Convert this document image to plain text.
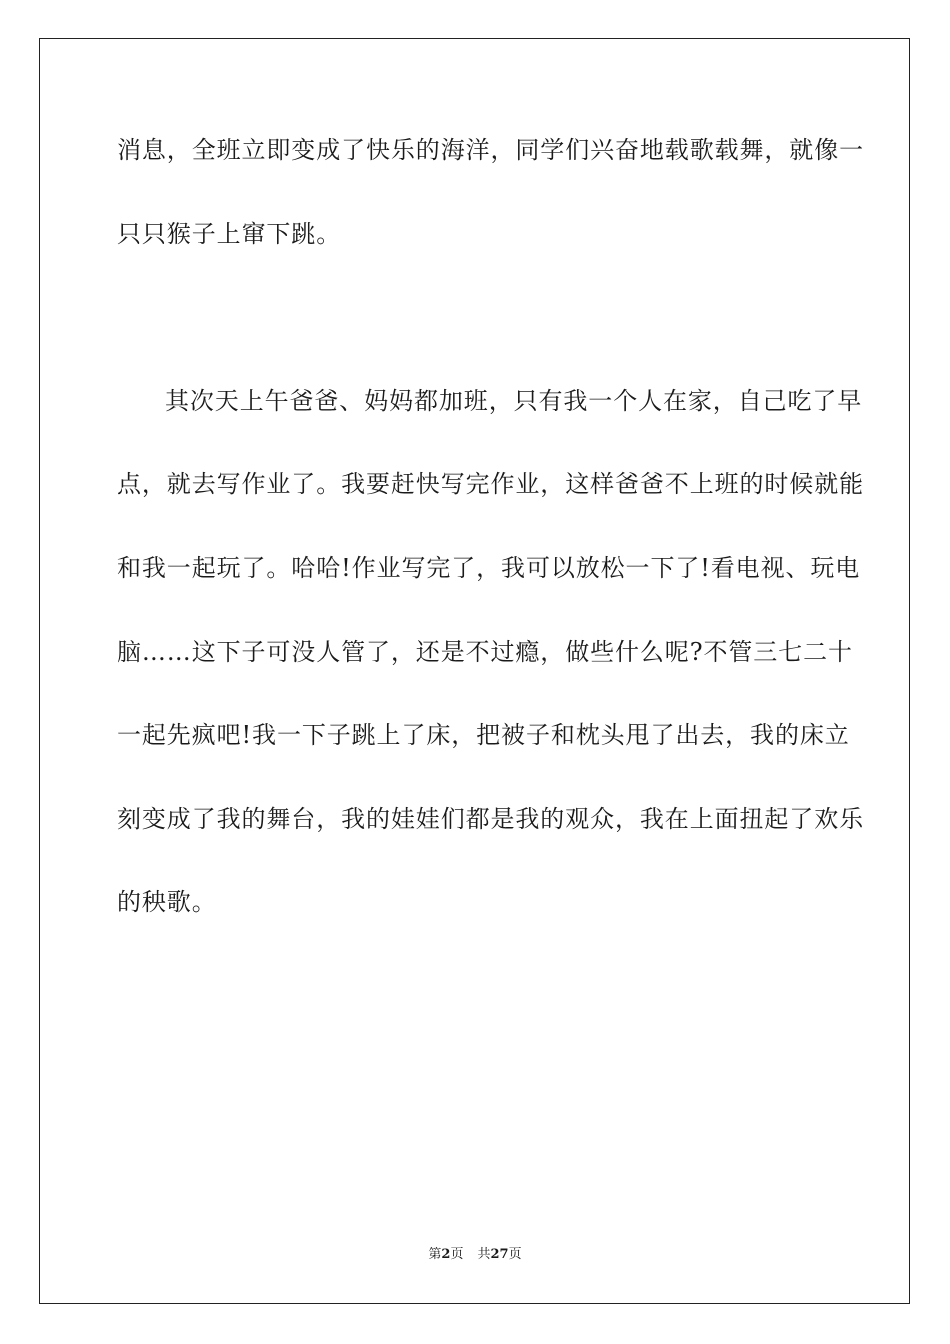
消息，全班立即变成了快乐的海洋，同学们兴奋地载歌载舞，就像一
只只猴子上窜下跳。
其次天上午爸爸、妈妈都加班，只有我一个人在家，自己吃了早
点，就去写作业了。我要赶快写完作业，这样爸爸不上班的时候就能
和我一起玩了。哈哈!作业写完了，我可以放松一下了!看电视、玩电
脑……这下子可没人管了，还是不过瘾，做些什么呢?不管三七二十
一起先疯吧!我一下子跳上了床，把被子和枕头甩了出去，我的床立
刻变成了我的舞台，我的娃娃们都是我的观众，我在上面扭起了欢乐
的秧歌。
第2页 共27页
